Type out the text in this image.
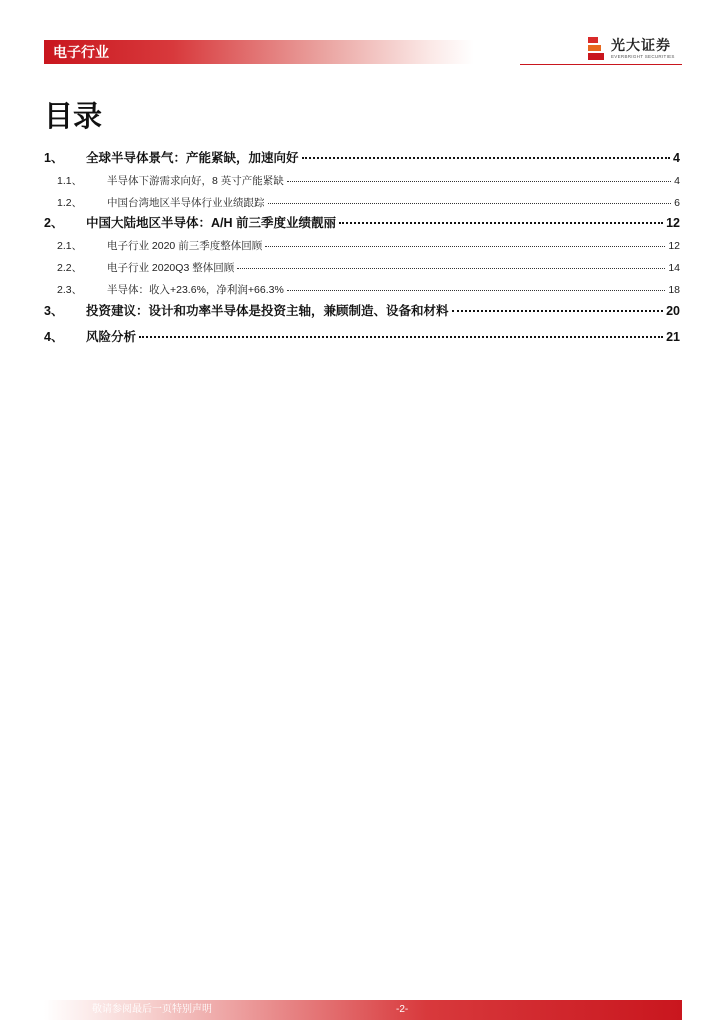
电子行业	光大证券
EVERBRIGHT SECURITIES
目录
1、	全球半导体景气：产能紧缺，加速向好	4
1.1、	半导体下游需求向好，8 英寸产能紧缺	4
1.2、	中国台湾地区半导体行业业绩跟踪	6
2、	中国大陆地区半导体：A/H 前三季度业绩靓丽	12
2.1、	电子行业 2020 前三季度整体回顾	12
2.2、	电子行业 2020Q3 整体回顾	14
2.3、	半导体：收入+23.6%，净利润+66.3%	18
3、	投资建议：设计和功率半导体是投资主轴，兼顾制造、设备和材料	20
4、	风险分析	21
敬请参阅最后一页特别声明	-2-
